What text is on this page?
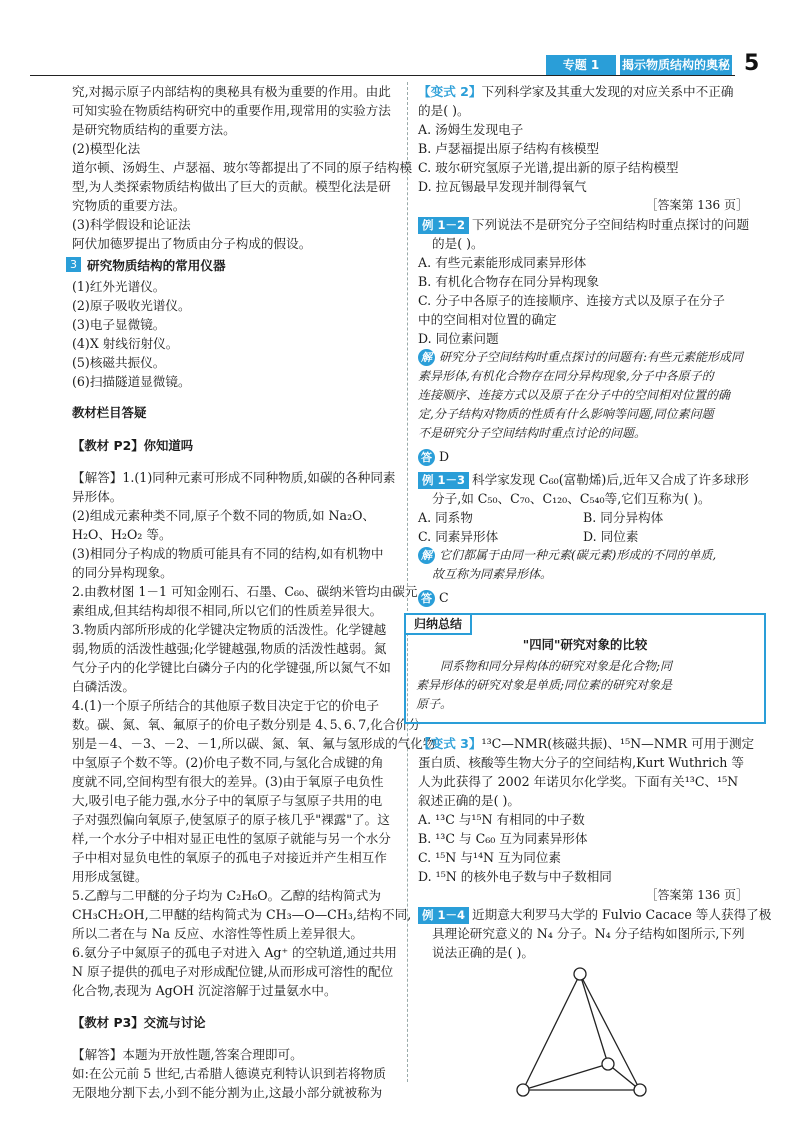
专题 1	揭示物质结构的奥秘 5

究,对揭示原子内部结构的奥秘具有极为重要的作用。由此

可知实验在物质结构研究中的重要作用,现常用的实验方法

是研究物质结构的重要方法。

(2)模型化法

道尔顿、汤姆生、卢瑟福、玻尔等都提出了不同的原子结构模

型,为人类探索物质结构做出了巨大的贡献。模型化法是研

究物质的重要方法。

(3)科学假设和论证法

阿伏加德罗提出了物质由分子构成的假设。

3 研究物质结构的常用仪器

(1)红外光谱仪。

(2)原子吸收光谱仪。

(3)电子显微镜。

(4)X 射线衍射仪。

(5)核磁共振仪。

(6)扫描隧道显微镜。

教材栏目答疑

【教材 P2】你知道吗

【解答】1.(1)同种元素可形成不同种物质,如碳的各种同素

异形体。

(2)组成元素种类不同,原子个数不同的物质,如 Na₂O、

H₂O、H₂O₂ 等。

(3)相同分子构成的物质可能具有不同的结构,如有机物中

的同分异构现象。

2.由教材图 1－1 可知金刚石、石墨、C₆₀、碳纳米管均由碳元

素组成,但其结构却很不相同,所以它们的性质差异很大。

3.物质内部所形成的化学键决定物质的活泼性。化学键越

弱,物质的活泼性越强;化学键越强,物质的活泼性越弱。氮

气分子内的化学键比白磷分子内的化学键强,所以氮气不如

白磷活泼。

4.(1)一个原子所结合的其他原子数目决定于它的价电子

数。碳、氮、氧、氟原子的价电子数分别是 4､5､6､7,化合价分

别是－4、－3、－2、－1,所以碳、氮、氧、氟与氢形成的气化物

中氢原子个数不等。(2)价电子数不同,与氢化合成键的角

度就不同,空间构型有很大的差异。(3)由于氧原子电负性

大,吸引电子能力强,水分子中的氧原子与氢原子共用的电

子对强烈偏向氧原子,使氢原子的原子核几乎"裸露"了。这

样,一个水分子中相对显正电性的氢原子就能与另一个水分

子中相对显负电性的氧原子的孤电子对接近并产生相互作

用形成氢键。

5.乙醇与二甲醚的分子均为 C₂H₆O。乙醇的结构简式为

CH₃CH₂OH,二甲醚的结构简式为 CH₃—O—CH₃,结构不同,

所以二者在与 Na 反应、水溶性等性质上差异很大。

6.氨分子中氮原子的孤电子对进入 Ag⁺ 的空轨道,通过共用

N 原子提供的孤电子对形成配位键,从而形成可溶性的配位

化合物,表现为 AgOH 沉淀溶解于过量氨水中。

【教材 P3】交流与讨论

【解答】本题为开放性题,答案合理即可。

如:在公元前 5 世纪,古希腊人德谟克利特认识到若将物质

无限地分割下去,小到不能分割为止,这最小部分就被称为

【变式 2】下列科学家及其重大发现的对应关系中不正确

的是( )。

A. 汤姆生发现电子

B. 卢瑟福提出原子结构有核模型

C. 玻尔研究氢原子光谱,提出新的原子结构模型

D. 拉瓦锡最早发现并制得氧气

［答案第 136 页］

例 1－2 下列说法不是研究分子空间结构时重点探讨的问题

的是( )。

A. 有些元素能形成同素异形体

B. 有机化合物存在同分异构现象

C. 分子中各原子的连接顺序、连接方式以及原子在分子

中的空间相对位置的确定

D. 同位素问题

解 研究分子空间结构时重点探讨的问题有:有些元素能形成同

素异形体,有机化合物存在同分异构现象,分子中各原子的

连接顺序、连接方式以及原子在分子中的空间相对位置的确

定,分子结构对物质的性质有什么影响等问题,同位素问题

不是研究分子空间结构时重点讨论的问题。

答 D

例 1－3 科学家发现 C₆₀(富勒烯)后,近年又合成了许多球形

分子,如 C₅₀、C₇₀、C₁₂₀、C₅₄₀等,它们互称为( )。

A. 同系物	B. 同分异构体
C. 同素异形体	D. 同位素

解 它们都属于由同一种元素(碳元素)形成的不同的单质,

故互称为同素异形体。

答 C

归纳总结

"四同"研究对象的比较

同系物和同分异构体的研究对象是化合物;同

素异形体的研究对象是单质;同位素的研究对象是

原子。

【变式 3】¹³C—NMR(核磁共振)、¹⁵N—NMR 可用于测定

蛋白质、核酸等生物大分子的空间结构,Kurt Wuthrich 等

人为此获得了 2002 年诺贝尔化学奖。下面有关¹³C、¹⁵N

叙述正确的是( )。

A. ¹³C 与¹⁵N 有相同的中子数

B. ¹³C 与 C₆₀ 互为同素异形体

C. ¹⁵N 与¹⁴N 互为同位素

D. ¹⁵N 的核外电子数与中子数相同

［答案第 136 页］

例 1－4 近期意大利罗马大学的 Fulvio Cacace 等人获得了极

具理论研究意义的 N₄ 分子。N₄ 分子结构如图所示,下列

说法正确的是( )。
